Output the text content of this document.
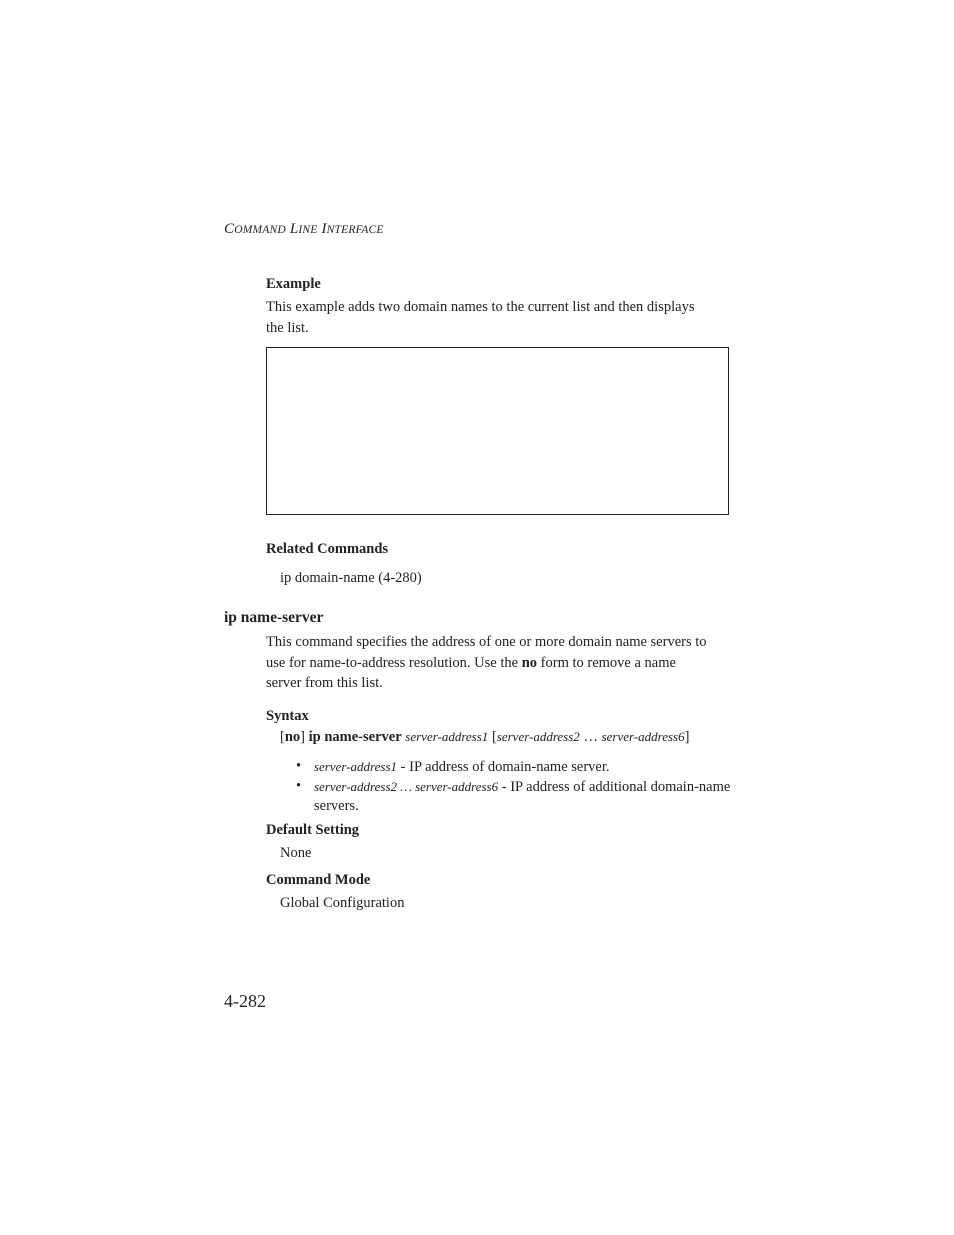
COMMAND LINE INTERFACE
Example
This example adds two domain names to the current list and then displays
the list.
Related Commands
ip domain-name (4-280)
ip name-server
This command specifies the address of one or more domain name servers to
use for name-to-address resolution. Use the no form to remove a name
server from this list.
Syntax
[no] ip name-server server-address1 [server-address2 … server-address6]
• server-address1 - IP address of domain-name server.
• server-address2 … server-address6 - IP address of additional domain-name
servers.
Default Setting
None
Command Mode
Global Configuration
4-282
